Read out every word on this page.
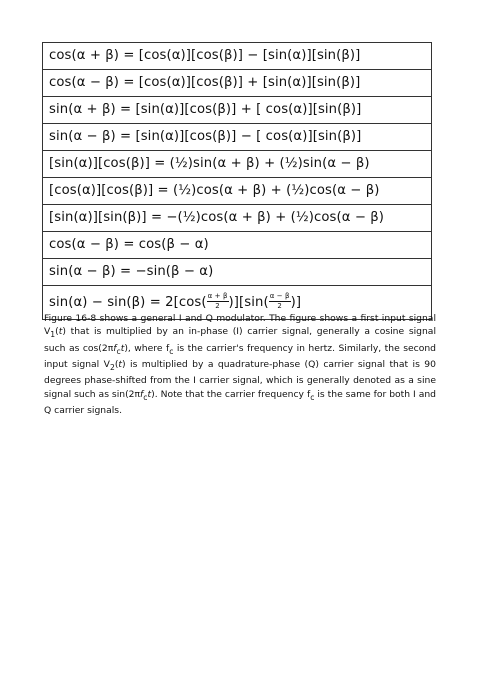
cos(α + β) = [cos(α)][cos(β)] − [sin(α)][sin(β)]
cos(α − β) = [cos(α)][cos(β)] + [sin(α)][sin(β)]
sin(α + β) = [sin(α)][cos(β)] + [ cos(α)][sin(β)]
sin(α − β) = [sin(α)][cos(β)] − [ cos(α)][sin(β)]
[sin(α)][cos(β)] = (½)sin(α + β) + (½)sin(α − β)
[cos(α)][cos(β)] = (½)cos(α + β) + (½)cos(α − β)
[sin(α)][sin(β)] = −(½)cos(α + β) + (½)cos(α − β)
cos(α − β) = cos(β − α)
sin(α − β) = −sin(β − α)
$\sin(\alpha) - \sin(\beta) = 2[\cos( \frac{\alpha + \beta}{2} )][\sin( \frac{\alpha - \beta}{2}$ )]

Figure 16-8 shows a general I and Q modulator. The figure shows a first input signal $V_1(t)$ that is multiplied by an in-phase (I) carrier signal, generally a cosine signal such as $\cos(2\pi f_ct)$, where $f_c$ is the carrier's frequency in hertz. Similarly, the second input signal $V_2(t)$ is multiplied by a quadrature-phase (Q) carrier signal that is 90 degrees phase-shifted from the I carrier signal, which is generally denoted as a sine signal such as $\sin(2\pi f_ct)$. Note that the carrier frequency $f_c$ is the same for both I and Q carrier signals.
